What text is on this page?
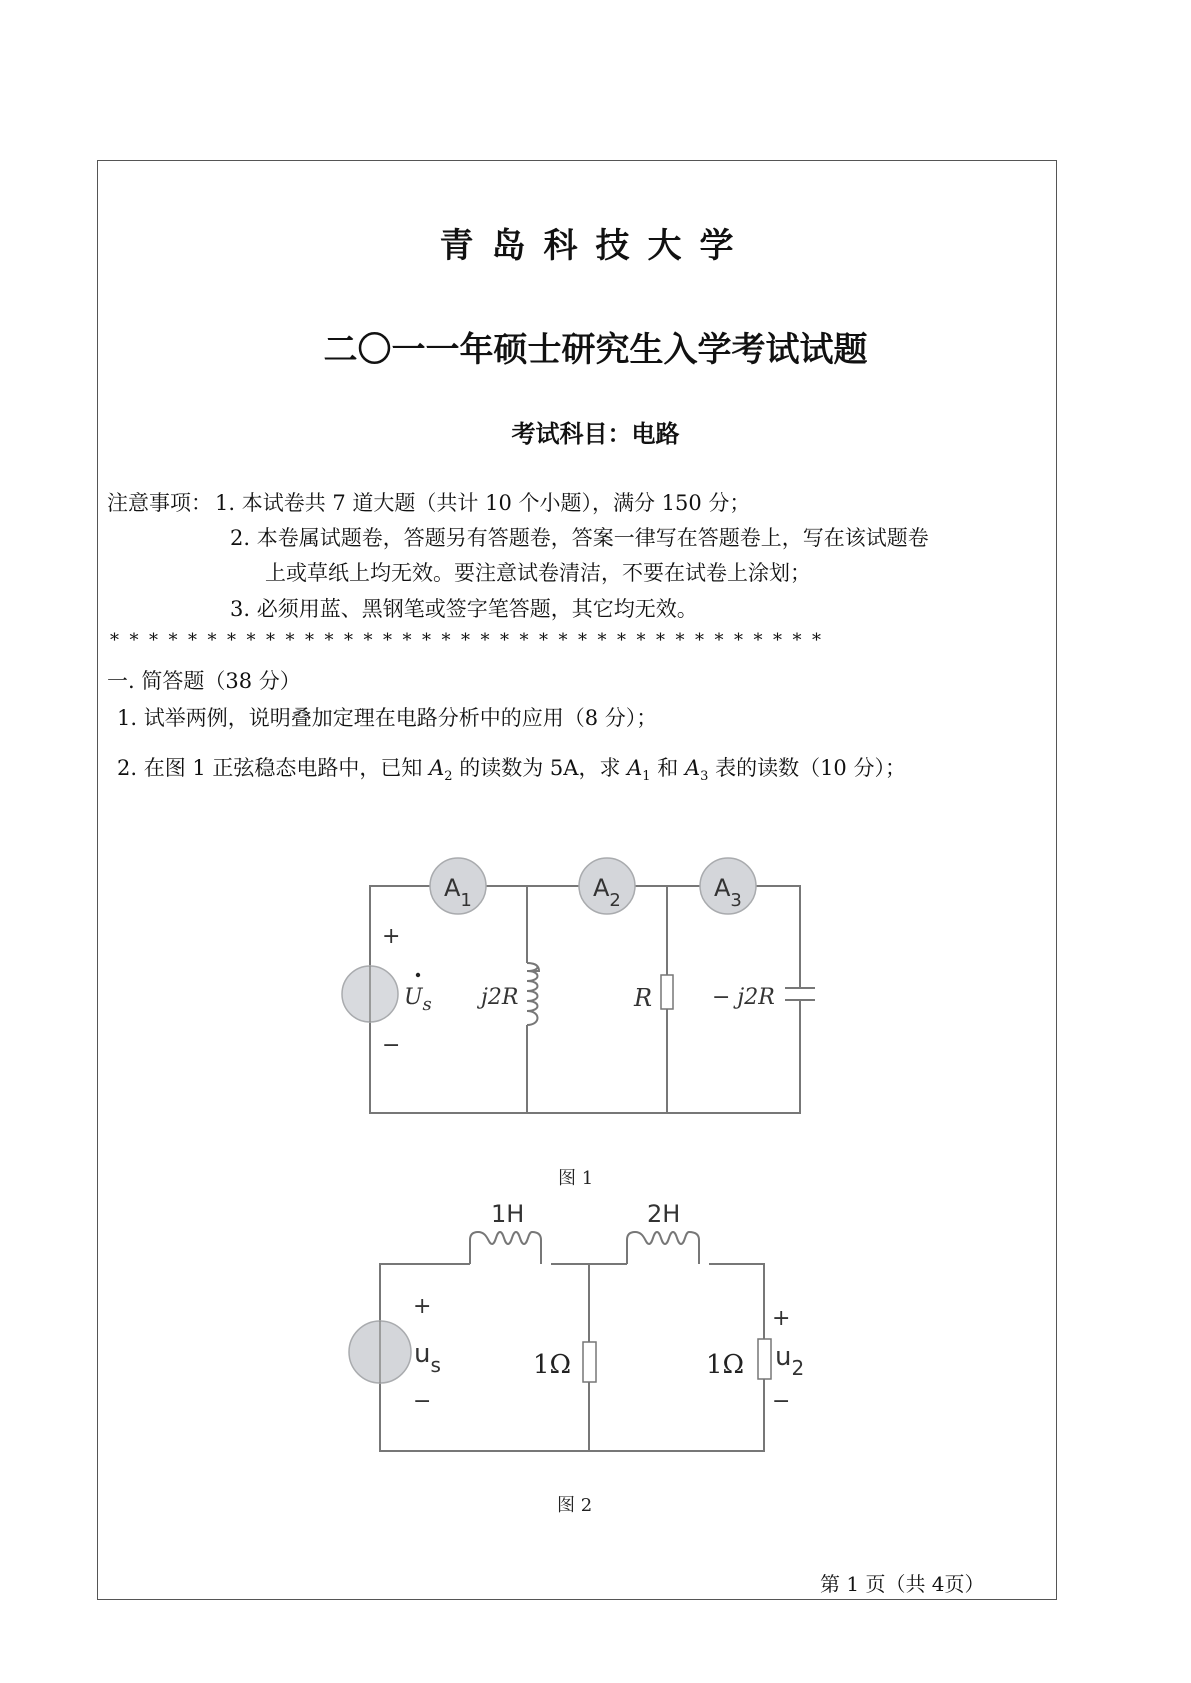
青岛科技大学
二〇一一年硕士研究生入学考试试题
考试科目：电路
注意事项： 1. 本试卷共 7 道大题（共计 10 个小题），满分 150 分；
2. 本卷属试题卷，答题另有答题卷，答案一律写在答题卷上，写在该试题卷
上或草纸上均无效。要注意试卷清洁，不要在试卷上涂划；
3. 必须用蓝、黑钢笔或签字笔答题，其它均无效。
*************************************
一. 简答题（38 分）
1. 试举两例，说明叠加定理在电路分析中的应用（8 分）；
2. 在图 1 正弦稳态电路中，已知 $A_2$ 的读数为 5A，求 $A_1$ 和 $A_3$ 表的读数（10 分）；
$A_1$	$A_2$	$A_3$
+
−
$U_s$ j2R	R	− j2R
图 1
1H	2H
+
−
$u_s$	1Ω	1Ω
+
$u_2$
−
图 2
第 1 页（共 4页）
